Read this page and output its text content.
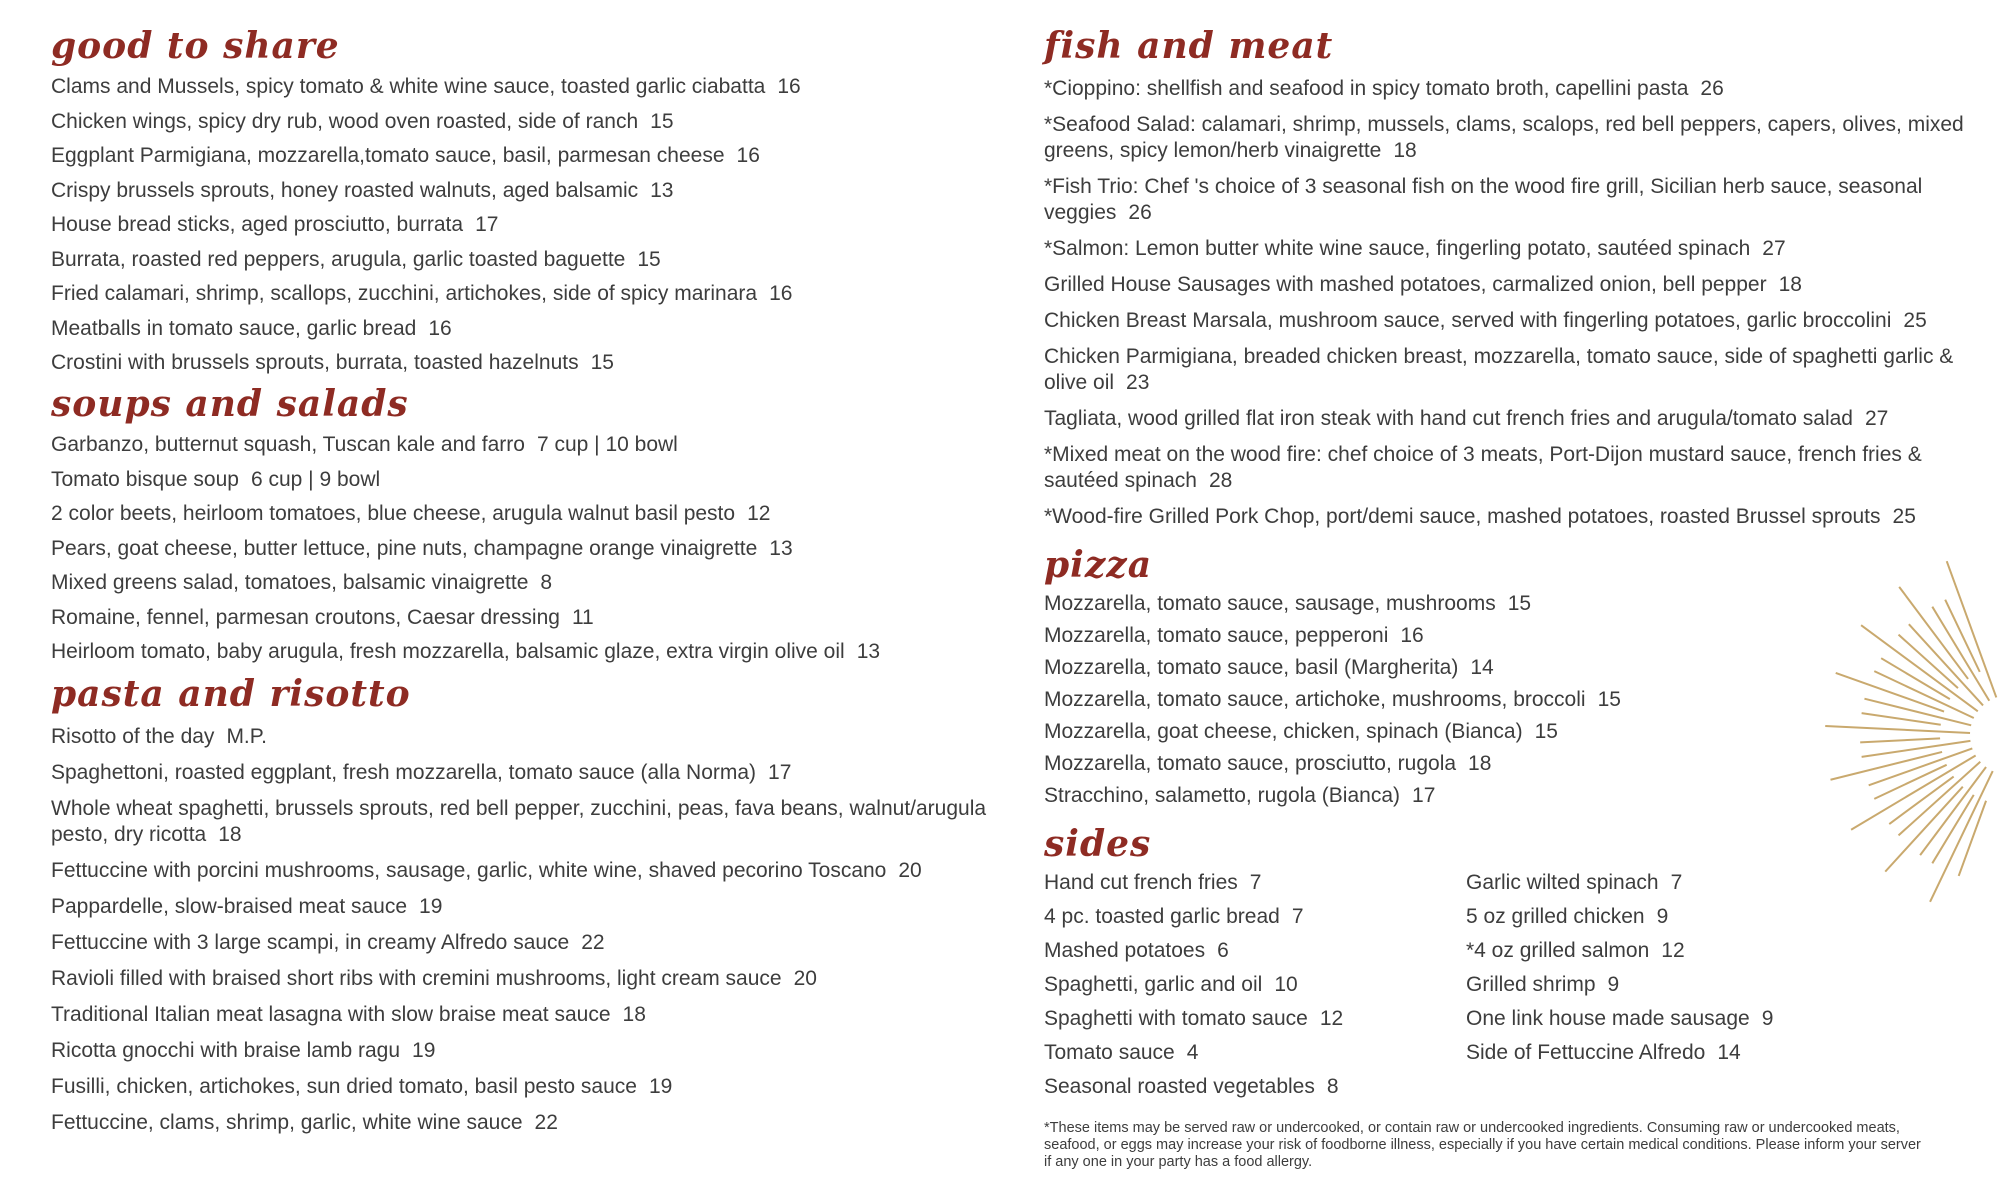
good to share
Clams and Mussels, spicy tomato & white wine sauce, toasted garlic ciabatta 16
Chicken wings, spicy dry rub, wood oven roasted, side of ranch 15
Eggplant Parmigiana, mozzarella,tomato sauce, basil, parmesan cheese 16
Crispy brussels sprouts, honey roasted walnuts, aged balsamic 13
House bread sticks, aged prosciutto, burrata 17
Burrata, roasted red peppers, arugula, garlic toasted baguette 15
Fried calamari, shrimp, scallops, zucchini, artichokes, side of spicy marinara 16
Meatballs in tomato sauce, garlic bread 16
Crostini with brussels sprouts, burrata, toasted hazelnuts 15
soups and salads
Garbanzo, butternut squash, Tuscan kale and farro 7 cup | 10 bowl
Tomato bisque soup 6 cup | 9 bowl
2 color beets, heirloom tomatoes, blue cheese, arugula walnut basil pesto 12
Pears, goat cheese, butter lettuce, pine nuts, champagne orange vinaigrette 13
Mixed greens salad, tomatoes, balsamic vinaigrette 8
Romaine, fennel, parmesan croutons, Caesar dressing 11
Heirloom tomato, baby arugula, fresh mozzarella, balsamic glaze, extra virgin olive oil 13
pasta and risotto
Risotto of the day M.P.
Spaghettoni, roasted eggplant, fresh mozzarella, tomato sauce (alla Norma) 17
Whole wheat spaghetti, brussels sprouts, red bell pepper, zucchini, peas, fava beans, walnut/arugula pesto, dry ricotta 18
Fettuccine with porcini mushrooms, sausage, garlic, white wine, shaved pecorino Toscano 20
Pappardelle, slow-braised meat sauce 19
Fettuccine with 3 large scampi, in creamy Alfredo sauce 22
Ravioli filled with braised short ribs with cremini mushrooms, light cream sauce 20
Traditional Italian meat lasagna with slow braise meat sauce 18
Ricotta gnocchi with braise lamb ragu 19
Fusilli, chicken, artichokes, sun dried tomato, basil pesto sauce 19
Fettuccine, clams, shrimp, garlic, white wine sauce 22
fish and meat
*Cioppino: shellfish and seafood in spicy tomato broth, capellini pasta 26
*Seafood Salad: calamari, shrimp, mussels, clams, scalops, red bell peppers, capers, olives, mixed greens, spicy lemon/herb vinaigrette 18
*Fish Trio: Chef 's choice of 3 seasonal fish on the wood fire grill, Sicilian herb sauce, seasonal veggies 26
*Salmon: Lemon butter white wine sauce, fingerling potato, sautéed spinach 27
Grilled House Sausages with mashed potatoes, carmalized onion, bell pepper 18
Chicken Breast Marsala, mushroom sauce, served with fingerling potatoes, garlic broccolini 25
Chicken Parmigiana, breaded chicken breast, mozzarella, tomato sauce, side of spaghetti garlic & olive oil 23
Tagliata, wood grilled flat iron steak with hand cut french fries and arugula/tomato salad 27
*Mixed meat on the wood fire: chef choice of 3 meats, Port-Dijon mustard sauce, french fries & sautéed spinach 28
*Wood-fire Grilled Pork Chop, port/demi sauce, mashed potatoes, roasted Brussel sprouts 25
pizza
Mozzarella, tomato sauce, sausage, mushrooms 15
Mozzarella, tomato sauce, pepperoni 16
Mozzarella, tomato sauce, basil (Margherita) 14
Mozzarella, tomato sauce, artichoke, mushrooms, broccoli 15
Mozzarella, goat cheese, chicken, spinach (Bianca) 15
Mozzarella, tomato sauce, prosciutto, rugola 18
Stracchino, salametto, rugola (Bianca) 17
sides
Hand cut french fries 7
4 pc. toasted garlic bread 7
Mashed potatoes 6
Spaghetti, garlic and oil 10
Spaghetti with tomato sauce 12
Tomato sauce 4
Seasonal roasted vegetables 8
Garlic wilted spinach 7
5 oz grilled chicken 9
*4 oz grilled salmon 12
Grilled shrimp 9
One link house made sausage 9
Side of Fettuccine Alfredo 14

*These items may be served raw or undercooked, or contain raw or undercooked ingredients. Consuming raw or undercooked meats, seafood, or eggs may increase your risk of foodborne illness, especially if you have certain medical conditions. Please inform your server if any one in your party has a food allergy.
